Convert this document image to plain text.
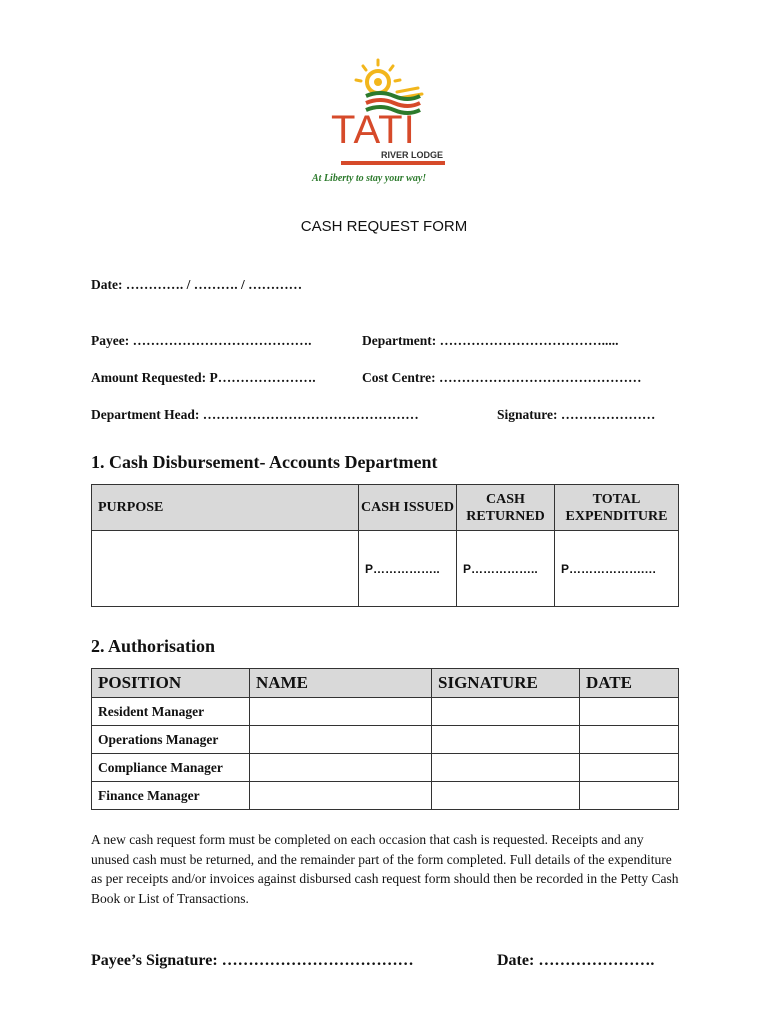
TATI
RIVER LODGE
At Liberty to stay your way!
CASH REQUEST FORM
Date: …………. / ………. / …………
Payee: ………………………………….	Department: ……………………………….....
Amount Requested: P………………….	Cost Centre: ………………………………………
Department Head: …………………………………………	Signature: …………………
1. Cash Disbursement- Accounts Department
PURPOSE	CASH ISSUED	CASH RETURNED	TOTAL EXPENDITURE
	P……………..	P……………..	P……………….…
2. Authorisation
POSITION	NAME	SIGNATURE	DATE
Resident Manager			
Operations Manager			
Compliance Manager			
Finance Manager			
A new cash request form must be completed on each occasion that cash is requested. Receipts and any unused cash must be returned, and the remainder part of the form completed. Full details of the expenditure as per receipts and/or invoices against disbursed cash request form should then be recorded in the Petty Cash Book or List of Transactions.
Payee’s Signature: ………………………………	Date: ………………….
